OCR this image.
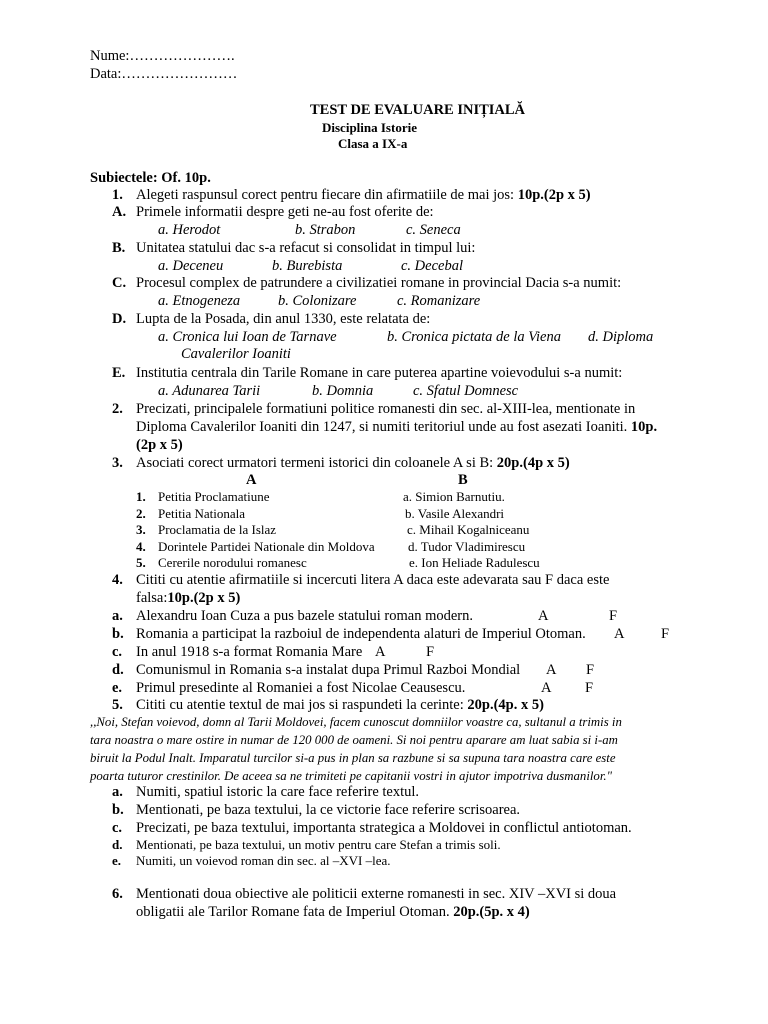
Nume:………………….
Data:……………………
TEST DE EVALUARE INIȚIALĂ
Disciplina Istorie
Clasa a IX-a
Subiectele: Of. 10p.
1. Alegeti raspunsul corect pentru fiecare din afirmatiile de mai jos: 10p.(2p x 5)
A. Primele informatii despre geti ne-au fost oferite de:
a. Herodot	b. Strabon	c. Seneca
B. Unitatea statului dac s-a refacut si consolidat in timpul lui:
a. Deceneu	b. Burebista	c. Decebal
C. Procesul complex de patrundere a civilizatiei romane in provincial Dacia s-a numit:
a. Etnogeneza	b. Colonizare	c. Romanizare
D. Lupta de la Posada, din anul 1330, este relatata de:
a. Cronica lui Ioan de Tarnave	b. Cronica pictata de la Viena d. Diploma
Cavalerilor Ioaniti
E. Institutia centrala din Tarile Romane in care puterea apartine voievodului s-a numit:
a. Adunarea Tarii	b. Domnia	c. Sfatul Domnesc
2. Precizati, principalele formatiuni politice romanesti din sec. al-XIII-lea, mentionate in
Diploma Cavalerilor Ioaniti din 1247, si numiti teritoriul unde au fost asezati Ioaniti. 10p.
(2p x 5)
3. Asociati corect urmatori termeni istorici din coloanele A si B: 20p.(4p x 5)
A	B
1. Petitia Proclamatiune	a. Simion Barnutiu.
2. Petitia Nationala	b. Vasile Alexandri
3. Proclamatia de la Islaz	c. Mihail Kogalniceanu
4. Dorintele Partidei Nationale din Moldova	d. Tudor Vladimirescu
5. Cererile norodului romanesc	e. Ion Heliade Radulescu
4. Cititi cu atentie afirmatiile si incercuti litera A daca este adevarata sau F daca este
falsa:10p.(2p x 5)
a. Alexandru Ioan Cuza a pus bazele statului roman modern.	A	F
b. Romania a participat la razboiul de independenta alaturi de Imperiul Otoman. A	F
c. In anul 1918 s-a format Romania Mare A	F
d. Comunismul in Romania s-a instalat dupa Primul Razboi Mondial A F
e. Primul presedinte al Romaniei a fost Nicolae Ceausescu.	A F
5. Cititi cu atentie textul de mai jos si raspundeti la cerinte: 20p.(4p. x 5)
,,Noi, Stefan voievod, domn al Tarii Moldovei, facem cunoscut domniilor voastre ca, sultanul a trimis in
tara noastra o mare ostire in numar de 120 000 de oameni. Si noi pentru aparare am luat sabia si i-am
biruit la Podul Inalt. Imparatul turcilor si-a pus in plan sa razbune si sa supuna tara noastra care este
poarta tuturor crestinilor. De aceea sa ne trimiteti pe capitanii vostri in ajutor impotriva dusmanilor."
a. Numiti, spatiul istoric la care face referire textul.
b. Mentionati, pe baza textului, la ce victorie face referire scrisoarea.
c. Precizati, pe baza textului, importanta strategica a Moldovei in conflictul antiotoman.
d. Mentionati, pe baza textului, un motiv pentru care Stefan a trimis soli.
e. Numiti, un voievod roman din sec. al –XVI –lea.
6. Mentionati doua obiective ale politicii externe romanesti in sec. XIV –XVI si doua
obligatii ale Tarilor Romane fata de Imperiul Otoman. 20p.(5p. x 4)
